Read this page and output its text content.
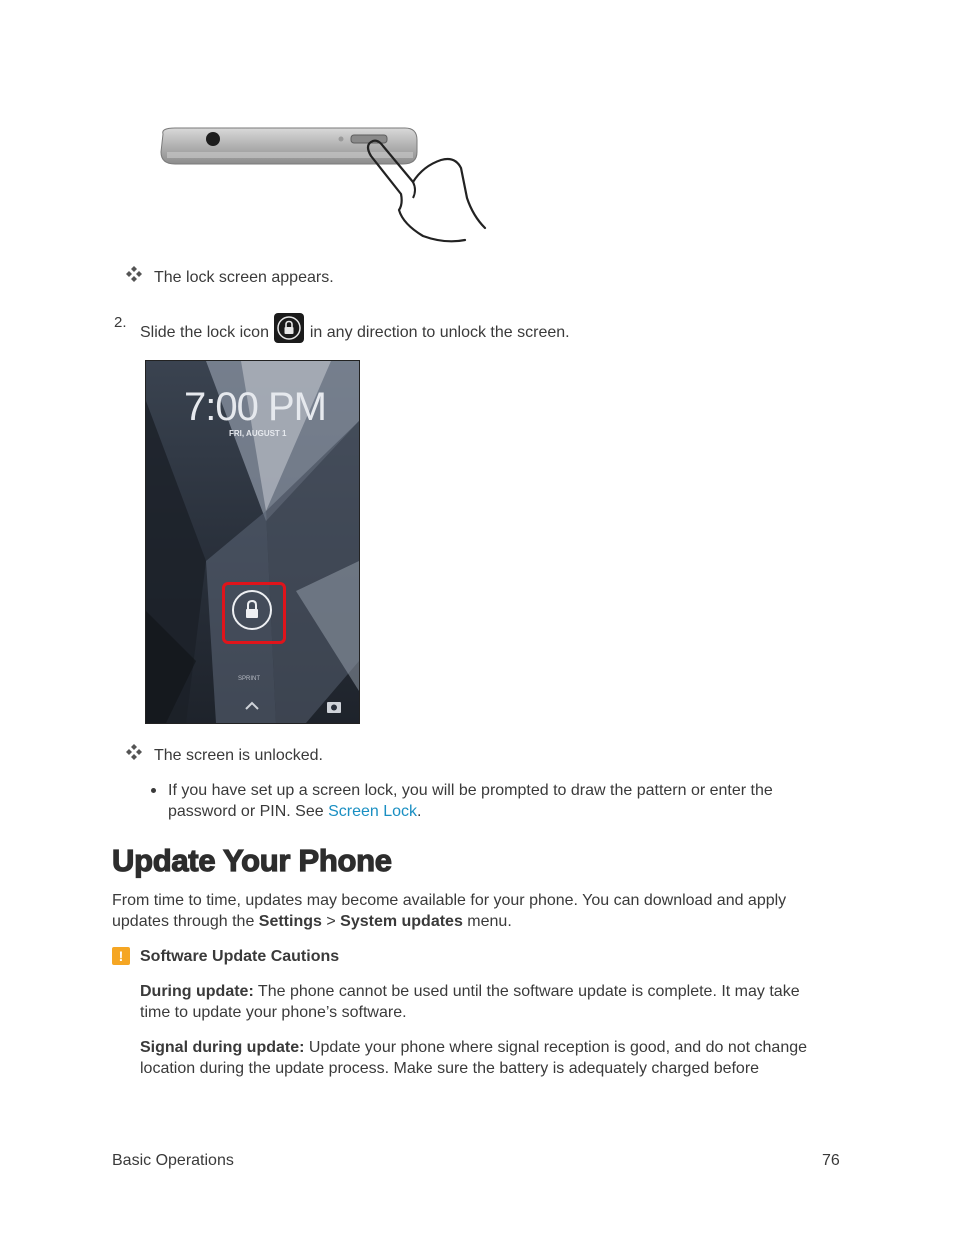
The lock screen appears.
2.
Slide the lock icon	in any direction to unlock the screen.
7:00 PM
FRI, AUGUST 1
SPRINT
The screen is unlocked.
If you have set up a screen lock, you will be prompted to draw the pattern or enter the
password or PIN. See Screen Lock.
Update Your Phone
From time to time, updates may become available for your phone. You can download and apply
updates through the Settings > System updates menu.
!	Software Update Cautions
During update: The phone cannot be used until the software update is complete. It may take
time to update your phone’s software.
Signal during update: Update your phone where signal reception is good, and do not change
location during the update process. Make sure the battery is adequately charged before
Basic Operations	76
